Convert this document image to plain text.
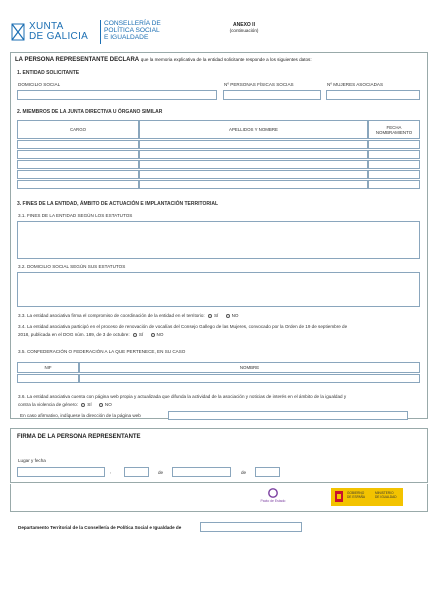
XUNTA
DE GALICIA
CONSELLERÍA DE
POLÍTICA SOCIAL
E IGUALDADE
ANEXO II
(continuación)
LA PERSONA REPRESENTANTE DECLARA que la memoria explicativa de la entidad solicitante responde a los siguientes datos:
1. ENTIDAD SOLICITANTE
DOMICILIO SOCIAL	Nº PERSONAS FÍSICAS SOCIAS	Nº MUJERES ASOCIADAS
2. MIEMBROS DE LA JUNTA DIRECTIVA U ÓRGANO SIMILAR
CARGO	APELLIDOS Y NOMBRE	FECHA
NOMBRAMIENTO
3. FINES DE LA ENTIDAD, ÁMBITO DE ACTUACIÓN E IMPLANTACIÓN TERRITORIAL
3.1. FINES DE LA ENTIDAD SEGÚN LOS ESTATUTOS
3.2. DOMICILIO SOCIAL SEGÚN SUS ESTATUTOS
3.3. La entidad asociativa firma el compromiso de coordinación de la entidad en el territorio: SÍ	NO
3.4. La entidad asociativa participó en el proceso de renovación de vocalías del Consejo Gallego de las Mujeres, convocado por la Orden de 19 de septiembre de
2018, publicada en el DOG núm. 189, de 3 de octubre: SÍ	NO
3.5. CONFEDERACIÓN O FEDERACIÓN A LA QUE PERTENECE, EN SU CASO
NIF	NOMBRE
3.6. La entidad asociativa cuenta con página web propia y actualizada que difunda la actividad de la asociación y noticias de interés en el ámbito de la igualdad y
contra la violencia de género: SÍ	NO
En caso afirmativo, indíquese la dirección de la página web
FIRMA DE LA PERSONA REPRESENTANTE
Lugar y fecha
,	de	de
Pacto de Estado
GOBIERNO
DE ESPAÑA
MINISTERIO
DE IGUALDAD
Departamento Territorial de la Consellería de Política Social e Igualdade de
